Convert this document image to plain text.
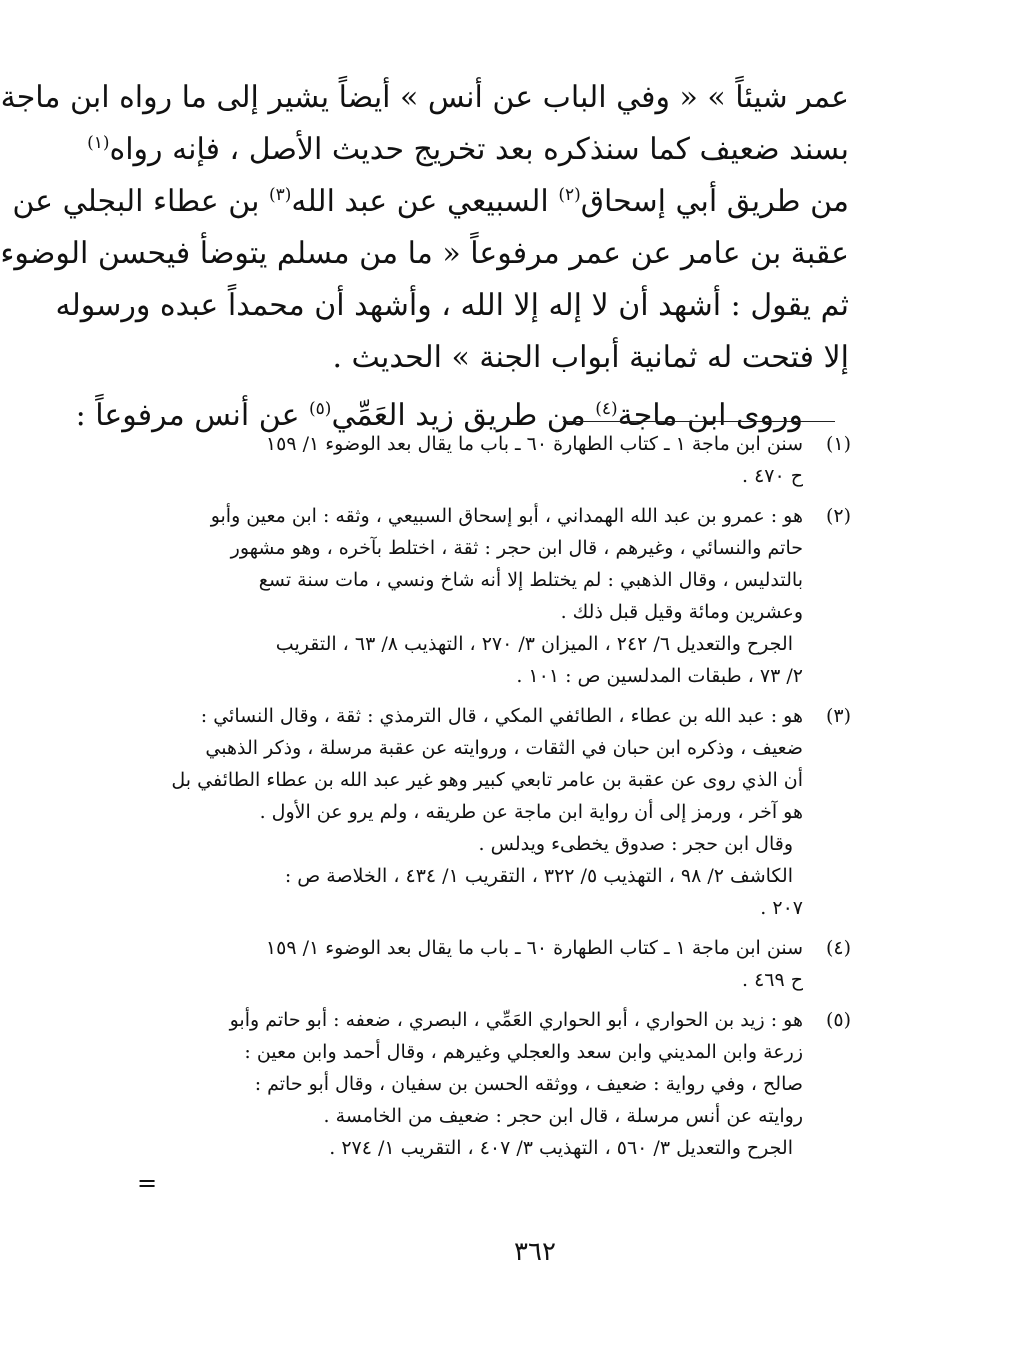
عمر شيئاً » « وفي الباب عن أنس » أيضاً يشير إلى ما رواه ابن ماجة
بسند ضعيف كما سنذكره بعد تخريج حديث الأصل ، فإنه رواه$^{(١)}$
من طريق أبي إسحاق$^{(٢)}$ السبيعي عن عبد الله$^{(٣)}$ بن عطاء البجلي عن
عقبة بن عامر عن عمر مرفوعاً « ما من مسلم يتوضأ فيحسن الوضوء
ثم يقول : أشهد أن لا إله إلا الله ، وأشهد أن محمداً عبده ورسوله
إلا فتحت له ثمانية أبواب الجنة » الحديث .
وروى ابن ماجة$^{(٤)}$ من طريق زيد العَمِّي$^{(٥)}$ عن أنس مرفوعاً :
(١)
سنن ابن ماجة ١ ـ كتاب الطهارة ٦٠ ـ باب ما يقال بعد الوضوء ١/ ١٥٩
ح ٤٧٠ .
(٢)
هو : عمرو بن عبد الله الهمداني ، أبو إسحاق السبيعي ، وثقه : ابن معين وأبو
حاتم والنسائي ، وغيرهم ، قال ابن حجر : ثقة ، اختلط بآخره ، وهو مشهور
بالتدليس ، وقال الذهبي : لم يختلط إلا أنه شاخ ونسي ، مات سنة تسع
وعشرين ومائة وقيل قبل ذلك .
الجرح والتعديل ٦/ ٢٤٢ ، الميزان ٣/ ٢٧٠ ، التهذيب ٨/ ٦٣ ، التقريب
٢/ ٧٣ ، طبقات المدلسين ص : ١٠١ .
(٣)
هو : عبد الله بن عطاء ، الطائفي المكي ، قال الترمذي : ثقة ، وقال النسائي :
ضعيف ، وذكره ابن حبان في الثقات ، وروايته عن عقبة مرسلة ، وذكر الذهبي
أن الذي روى عن عقبة بن عامر تابعي كبير وهو غير عبد الله بن عطاء الطائفي بل
هو آخر ، ورمز إلى أن رواية ابن ماجة عن طريقه ، ولم يرو عن الأول .
وقال ابن حجر : صدوق يخطىء ويدلس .
الكاشف ٢/ ٩٨ ، التهذيب ٥/ ٣٢٢ ، التقريب ١/ ٤٣٤ ، الخلاصة ص :
٢٠٧ .
(٤)
سنن ابن ماجة ١ ـ كتاب الطهارة ٦٠ ـ باب ما يقال بعد الوضوء ١/ ١٥٩
ح ٤٦٩ .
(٥)
هو : زيد بن الحواري ، أبو الحواري العَمِّي ، البصري ، ضعفه : أبو حاتم وأبو
زرعة وابن المديني وابن سعد والعجلي وغيرهم ، وقال أحمد وابن معين :
صالح ، وفي رواية : ضعيف ، ووثقه الحسن بن سفيان ، وقال أبو حاتم :
روايته عن أنس مرسلة ، قال ابن حجر : ضعيف من الخامسة .
الجرح والتعديل ٣/ ٥٦٠ ، التهذيب ٣/ ٤٠٧ ، التقريب ١/ ٢٧٤ .
=
٣٦٢
